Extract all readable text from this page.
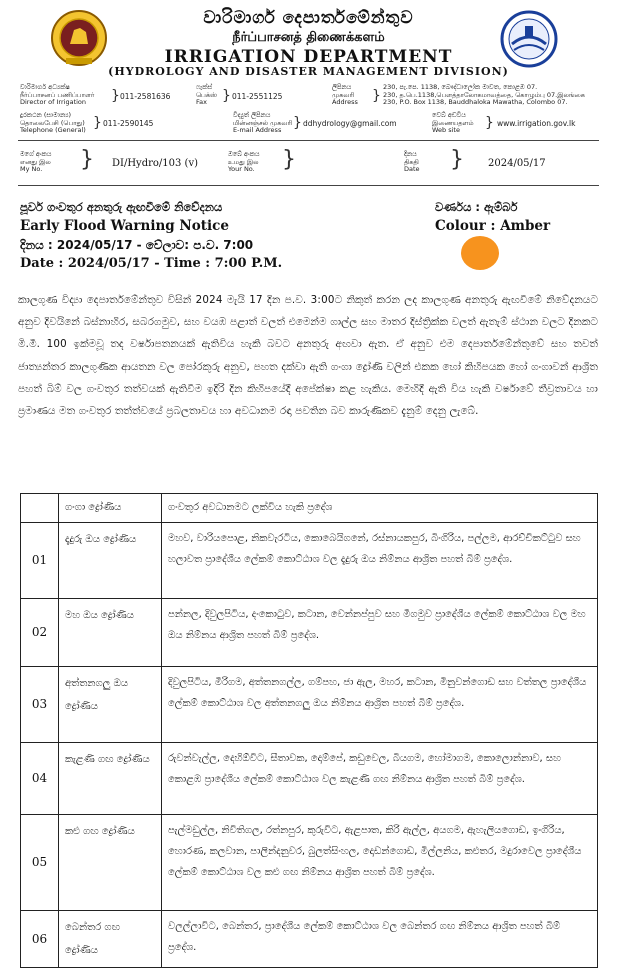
වාරිමාර්ග දෙපාර්තමේන්තුව
நீர்ப்பாசனத் திணைக்களம்
IRRIGATION DEPARTMENT
(HYDROLOGY AND DISASTER MANAGEMENT DIVISION)
වාරිමාර්ග අධ්‍යක්ෂ
நீர்ப்பாசனப் பணிப்பாளர்
Director of Irrigation	} 011-2581636
ෆැක්ස්
பெக்ஸ்
Fax	} 011-2551125
ලිපිනය
முகவரி
Address	}
230, පැ.පෙ. 1138, බෞද්ධාලෝක මාවත, කොළඹ 07.
230, த.பெ.1138,பௌத்தாலோகமாவத்தை, கொழும்பு 07.இலங்கை
230, P.O. Box 1138, Bauddhaloka Mawatha, Colombo 07.
දුරකථන (සාමාන්‍ය)
தொலைபேசி (பொது)
Telephone (General) } 011-2590145
විද්‍යුත් ලිපිනය
மின்னஞ்சல் முகவரி
E-mail Address } ddhydrology@gmail.com
වෙබ් අඩවිය
இணையதளம்
Web site	} www.irrigation.gov.lk
මගේ අංකය
எனது இல
My No.	} DI/Hydro/103 (v)
ඔබේ අංකය
உமது இல
Your No.	}	දිනය
திகதி
Date	} 2024/05/17
පූර්ව ගංවතුර අනතුරු ඇඟවීමේ නිවේදනය
Early Flood Warning Notice
දිනය : 2024/05/17 - වේලාව: ප.ව. 7:00
Date : 2024/05/17 - Time : 7:00 P.M.
වර්ණය : ඇම්බර්
Colour : Amber
කාලගුණ විද්‍යා දෙපාර්තමේන්තුව විසින් 2024 මැයි 17 දින ප.ව. 3:00ට නිකුත් කරන ලද කාලගුණ අනතුරු ඇඟවීමේ නිවේදනයට අනුව දිවයිනේ බස්නාහිර, සබරගමුව, සහ වයඹ පළාත් වලත් එමෙන්ම ගාල්ල සහ මාතර දිස්ත්‍රික්ක වලත් ඇතැම් ස්ථාන වලට දිනකට මි.මී. 100 ඉක්මවූ තද වර්ෂාපතනයක් ඇතිවිය හැකි බවට අනතුරු අඟවා ඇත. ඒ අනුව එම දෙපාර්තමේන්තුවේ සහ තවත් ජාත්‍යන්තර කාලගුණික ආයතන වල පෝරකුරු අනුව, පහත දක්වා ඇති ගංගා ද්‍රෝණි වලින් එකක හෝ කිහිපයක හෝ ගංගාවන් ආශ්‍රිත පහත් බිම් වල ගංවතුර තත්වයක් ඇතිවීම ඉදිරි දින කිහිපයේදී අපේක්ෂා කළ හැකිය. මෙහිදී ඇති විය හැකි වර්ෂාවේ තීව්‍රතාවය හා ප්‍රමාණය මත ගංවතුර තත්ත්වයේ ප්‍රබලතාවය හා අවධානම රඳා පවතින බව කාරුණිකව දැනුම් දෙනු ලැබේ.
	ගංගා ද්‍රෝණිය	ගංවතුර අවධානමට ලක්විය හැකි ප්‍රදේශ
01	දැදුරු ඔය ද්‍රෝණිය	මහව, වාරියපොළ, නිකවැරටිය, කොබෙයිගනේ, රස්නායකපුර, බිංගිරිය, පල්ලම, ආරච්චිකට්ටුව සහ හලාවත ප්‍රාදේශීය ලේකම් කොට්ඨාශ වල දැදුරු ඔය නිම්නය ආශ්‍රිත පහත් බිම් ප්‍රදේශ.
02	මහ ඔය ද්‍රෝණිය	පන්නල, දිවුලපිටිය, දංකොටුව, කටාන, වෙන්නප්පුව සහ මීගමුව ප්‍රාදේශීය ලේකම් කොට්ඨාශ වල මහ ඔය නිම්නය ආශ්‍රිත පහත් බිම් ප්‍රදේශ.
03	අත්තනගලු ඔය ද්‍රෝණිය	දිවුලපිටිය, මීරිගම, අත්තනගල්ල, ගම්පහ, ජා ඇල, මහර, කටාන, මිනුවන්ගොඩ සහ වත්තල ප්‍රාදේශීය ලේකම් කොට්ඨාශ වල අත්තනගලු ඔය නිම්නය ආශ්‍රිත පහත් බිම් ප්‍රදේශ.
04	කැළණි ගඟ ද්‍රෝණිය	රුවන්වැල්ල, දෙහිඕවිට, සීතාවක, දොම්පේ, කඩුවෙල, බියගම, හෝමාගම, කොලොන්නාව, සහ කොළඹ ප්‍රාදේශීය ලේකම් කොට්ඨාශ වල කැළණි ගඟ නිම්නය ආශ්‍රිත පහත් බිම් ප්‍රදේශ.
05	කළු ගඟ ද්‍රෝණිය	පැල්මඩුල්ල, නිවිතිගල, රත්නපුර, කුරුවිට, ඇළපාත, කිරි ඇල්ල, අයගම, ඇහැලියගොඩ, ඉංගිරිය, හොරණ, කලවාන, පාලින්දනුවර, බුලත්සිංහල, දොඩන්ගොඩ, මිල්ලනිය, කළුතර, මදුරාවෙල ප්‍රාදේශීය ලේකම් කොට්ඨාශ වල කළු ගඟ නිම්නය ආශ්‍රිත පහත් බිම් ප්‍රදේශ.
06	බෙන්තර ගඟ ද්‍රෝණිය	වලල්ලාවිට, බෙන්තර, ප්‍රාදේශීය ලේකම් කොට්ඨාශ වල බෙන්තර ගඟ නිම්නය ආශ්‍රිත පහත් බිම් ප්‍රදේශ.
